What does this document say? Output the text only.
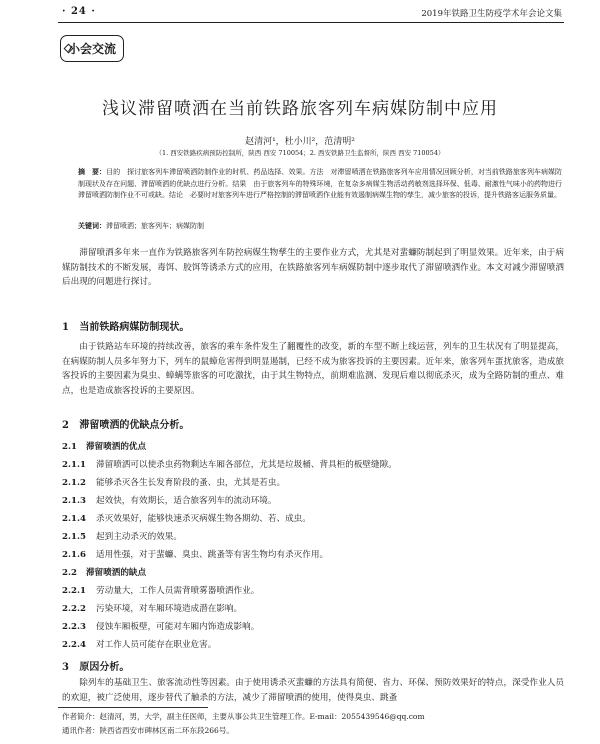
· 24 ·	2019年铁路卫生防疫学术年会论文集
小会交流
浅议滞留喷洒在当前铁路旅客列车病媒防制中应用
赵清河¹，杜小川²，范清明²
（1. 西安铁路疾病预防控制所，陕西 西安 710054；2. 西安铁路卫生监督所，陕西 西安 710054）
摘　要：目的　探讨旅客列车滞留喷洒防制作业的时机、药品选择、效果。方法　对滞留喷洒在铁路旅客列车应用情况回顾分析，对当前铁路旅客列车病媒防制现状及存在问题、滞留喷洒的优缺点进行分析。结果　由于旅客列车的特殊环境，在复杂多病媒生物活动药敏剂选择环保、低毒、耐激性气味小的药物进行滞留喷洒防制作业不可或缺。结论　必要时对旅客列车进行严格控制的滞留喷洒作业能有效遏制病媒生物的孳生，减少旅客的投诉，提升铁路客运服务质量。
关键词：滞留喷洒；旅客列车；病媒防制
滞留喷洒多年来一直作为铁路旅客列车防控病媒生物孳生的主要作业方式，尤其是对蜚蠊防制起到了明显效果。近年来，由于病媒防制技术的不断发展，毒饵、胶饵等诱杀方式的应用，在铁路旅客列车病媒防制中逐步取代了滞留喷洒作业。本文对减少滞留喷洒后出现的问题进行探讨。
1 当前铁路病媒防制现状。
由于铁路站车环境的持续改善，旅客的乘车条件发生了翻覆性的改变，新的车型不断上线运营，列车的卫生状况有了明显提高，在病媒防制人员多年努力下，列车的鼠蟑危害得到明显遏制，已经不成为旅客投诉的主要因素。近年来，旅客列车蛋扰旅客，造成旅客投诉的主要因素为臭虫、蟑螨等旅客的可吃激扰，由于其生物特点，前期难监测、发现后难以彻底杀灭，成为全路防制的重点、难点，也是造成旅客投诉的主要原因。
2 滞留喷洒的优缺点分析。
2.1 滞留喷洒的优点
2.1.1 滞留喷洒可以使杀虫药物剩达车厢各部位，尤其是垃圾桶、背具柜的板壁缝隙。
2.1.2 能够杀灭各生长发育阶段的蚤、虫，尤其是若虫。
2.1.3 起效快，有效期长，适合旅客列车的流动环境。
2.1.4 杀灭效果好，能够快速杀灭病媒生物各期幼、若、成虫。
2.1.5 起到主动杀灭的效果。
2.1.6 适用性强，对于蜚蠊、臭虫、跳蚤等有害生物均有杀灭作用。
2.2 滞留喷洒的缺点
2.2.1 劳动量大，工作人员需背喷雾器喷洒作业。
2.2.2 污染环境，对车厢环境造成潜在影响。
2.2.3 侵蚀车厢板壁，可能对车厢内饰造成影响。
2.2.4 对工作人员可能存在职业危害。
3 原因分析。
除列车的基础卫生、旅客流动性等因素。由于使用诱杀灭蜚蠊的方法具有简便、省力、环保、预防效果好的特点，深受作业人员的欢迎，被广泛使用，逐步替代了触杀的方法，减少了滞留喷洒的使用，使得臭虫、跳蚤
作者简介：赵清河，男，大学，副主任医师，主要从事公共卫生管理工作。E-mail：2055439546@qq.com
通讯作者：陕西省西安市碑林区南二环东段266号。
